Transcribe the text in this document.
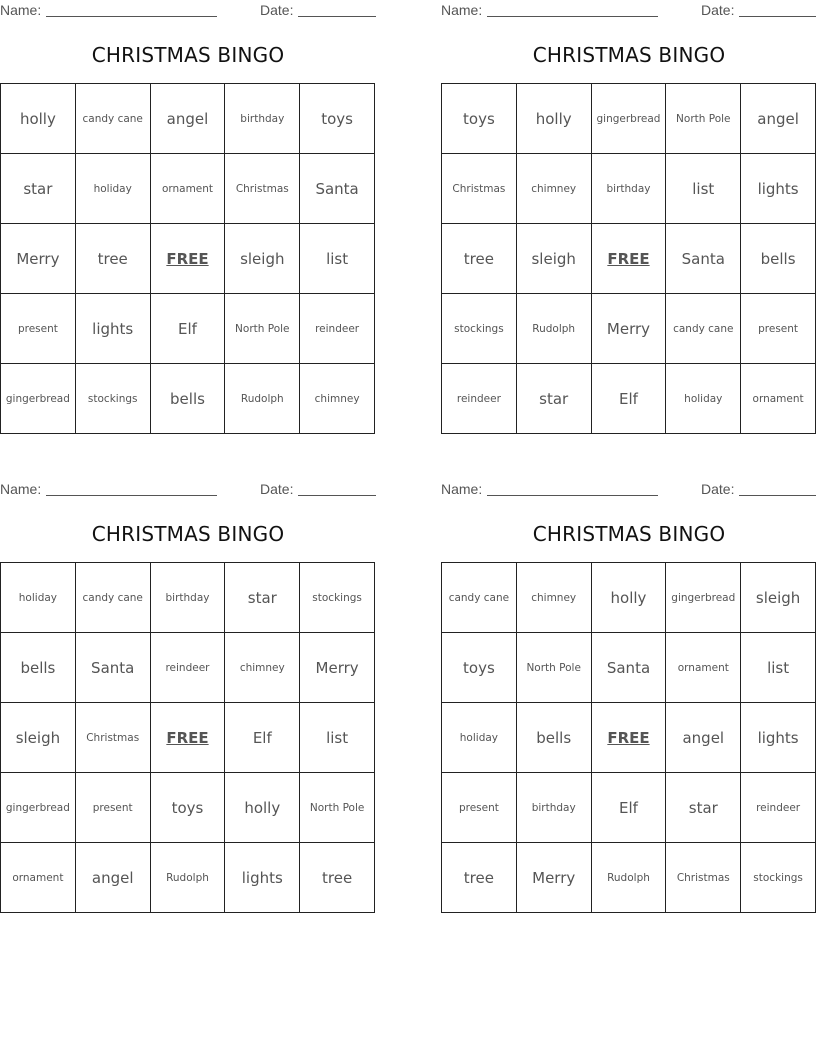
Name:	Date:
CHRISTMAS BINGO
holly	candy cane	angel	birthday	toys
star	holiday	ornament	Christmas	Santa
Merry	tree	FREE	sleigh	list
present	lights	Elf	North Pole	reindeer
gingerbread	stockings	bells	Rudolph	chimney
Name:	Date:
CHRISTMAS BINGO
toys	holly	gingerbread	North Pole	angel
Christmas	chimney	birthday	list	lights
tree	sleigh	FREE	Santa	bells
stockings	Rudolph	Merry	candy cane	present
reindeer	star	Elf	holiday	ornament
Name:	Date:
CHRISTMAS BINGO
holiday	candy cane	birthday	star	stockings
bells	Santa	reindeer	chimney	Merry
sleigh	Christmas	FREE	Elf	list
gingerbread	present	toys	holly	North Pole
ornament	angel	Rudolph	lights	tree
Name:	Date:
CHRISTMAS BINGO
candy cane	chimney	holly	gingerbread	sleigh
toys	North Pole	Santa	ornament	list
holiday	bells	FREE	angel	lights
present	birthday	Elf	star	reindeer
tree	Merry	Rudolph	Christmas	stockings
